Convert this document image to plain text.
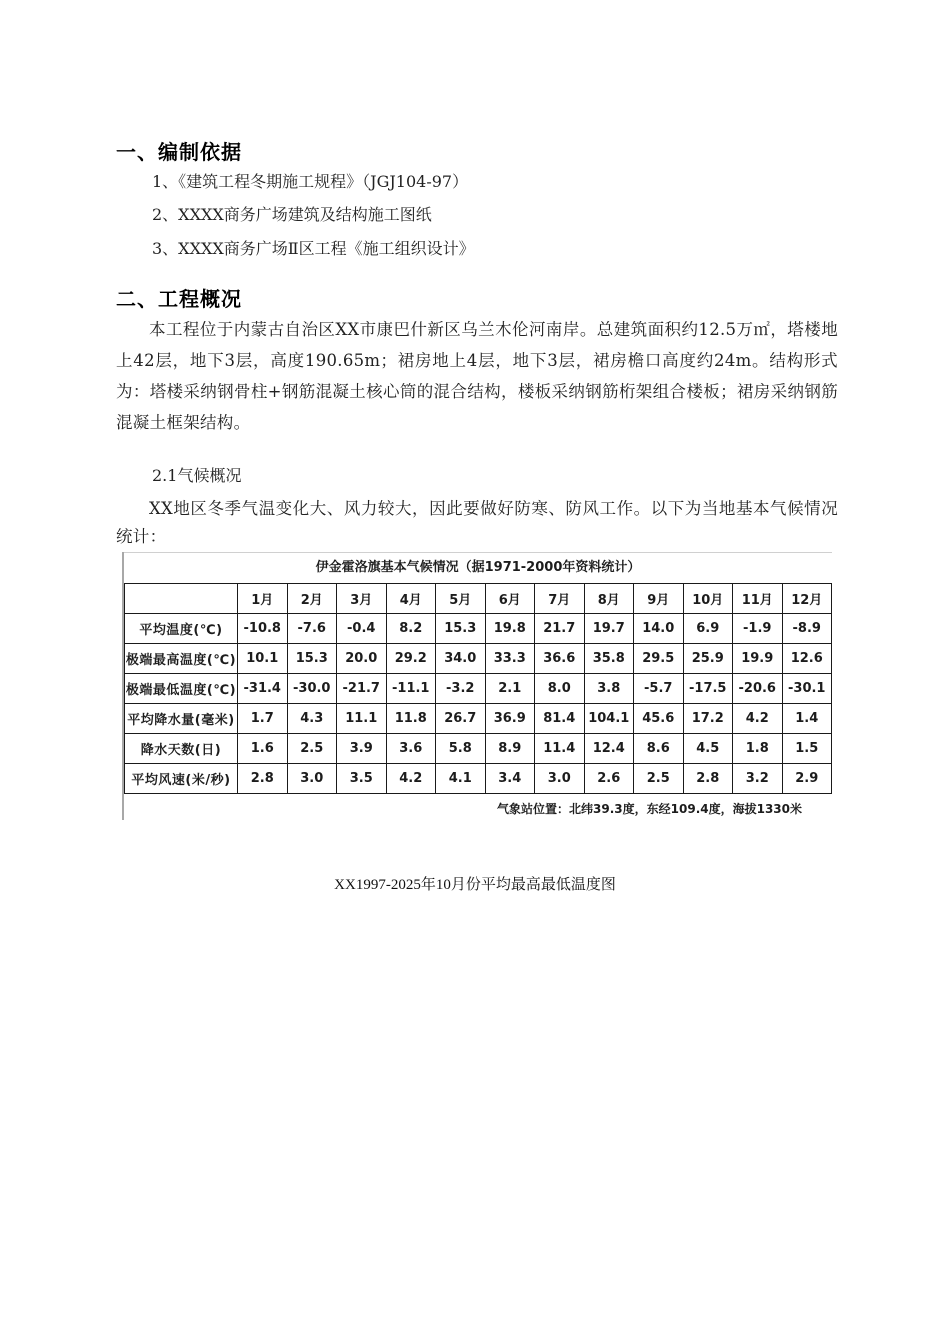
一、编制依据
1、《建筑工程冬期施工规程》（JGJ104-97）
2、XXXX商务广场建筑及结构施工图纸
3、XXXX商务广场Ⅱ区工程《施工组织设计》
二、工程概况
本工程位于内蒙古自治区XX市康巴什新区乌兰木伦河南岸。总建筑面积约12.5万㎡，塔楼地上42层，地下3层，高度190.65m；裙房地上4层，地下3层，裙房檐口高度约24m。结构形式为：塔楼采纳钢骨柱+钢筋混凝土核心筒的混合结构，楼板采纳钢筋桁架组合楼板；裙房采纳钢筋混凝土框架结构。
2.1气候概况
XX地区冬季气温变化大、风力较大，因此要做好防寒、防风工作。以下为当地基本气候情况统计：
伊金霍洛旗基本气候情况（据1971-2000年资料统计）
	1月	2月	3月	4月	5月	6月	7月	8月	9月	10月	11月	12月
平均温度(℃)	-10.8	-7.6	-0.4	8.2	15.3	19.8	21.7	19.7	14.0	6.9	-1.9	-8.9
极端最高温度(℃)	10.1	15.3	20.0	29.2	34.0	33.3	36.6	35.8	29.5	25.9	19.9	12.6
极端最低温度(℃)	-31.4	-30.0	-21.7	-11.1	-3.2	2.1	8.0	3.8	-5.7	-17.5	-20.6	-30.1
平均降水量(毫米)	1.7	4.3	11.1	11.8	26.7	36.9	81.4	104.1	45.6	17.2	4.2	1.4
降水天数(日)	1.6	2.5	3.9	3.6	5.8	8.9	11.4	12.4	8.6	4.5	1.8	1.5
平均风速(米/秒)	2.8	3.0	3.5	4.2	4.1	3.4	3.0	2.6	2.5	2.8	3.2	2.9
气象站位置：北纬39.3度，东经109.4度，海拔1330米
XX1997-2025年10月份平均最高最低温度图
